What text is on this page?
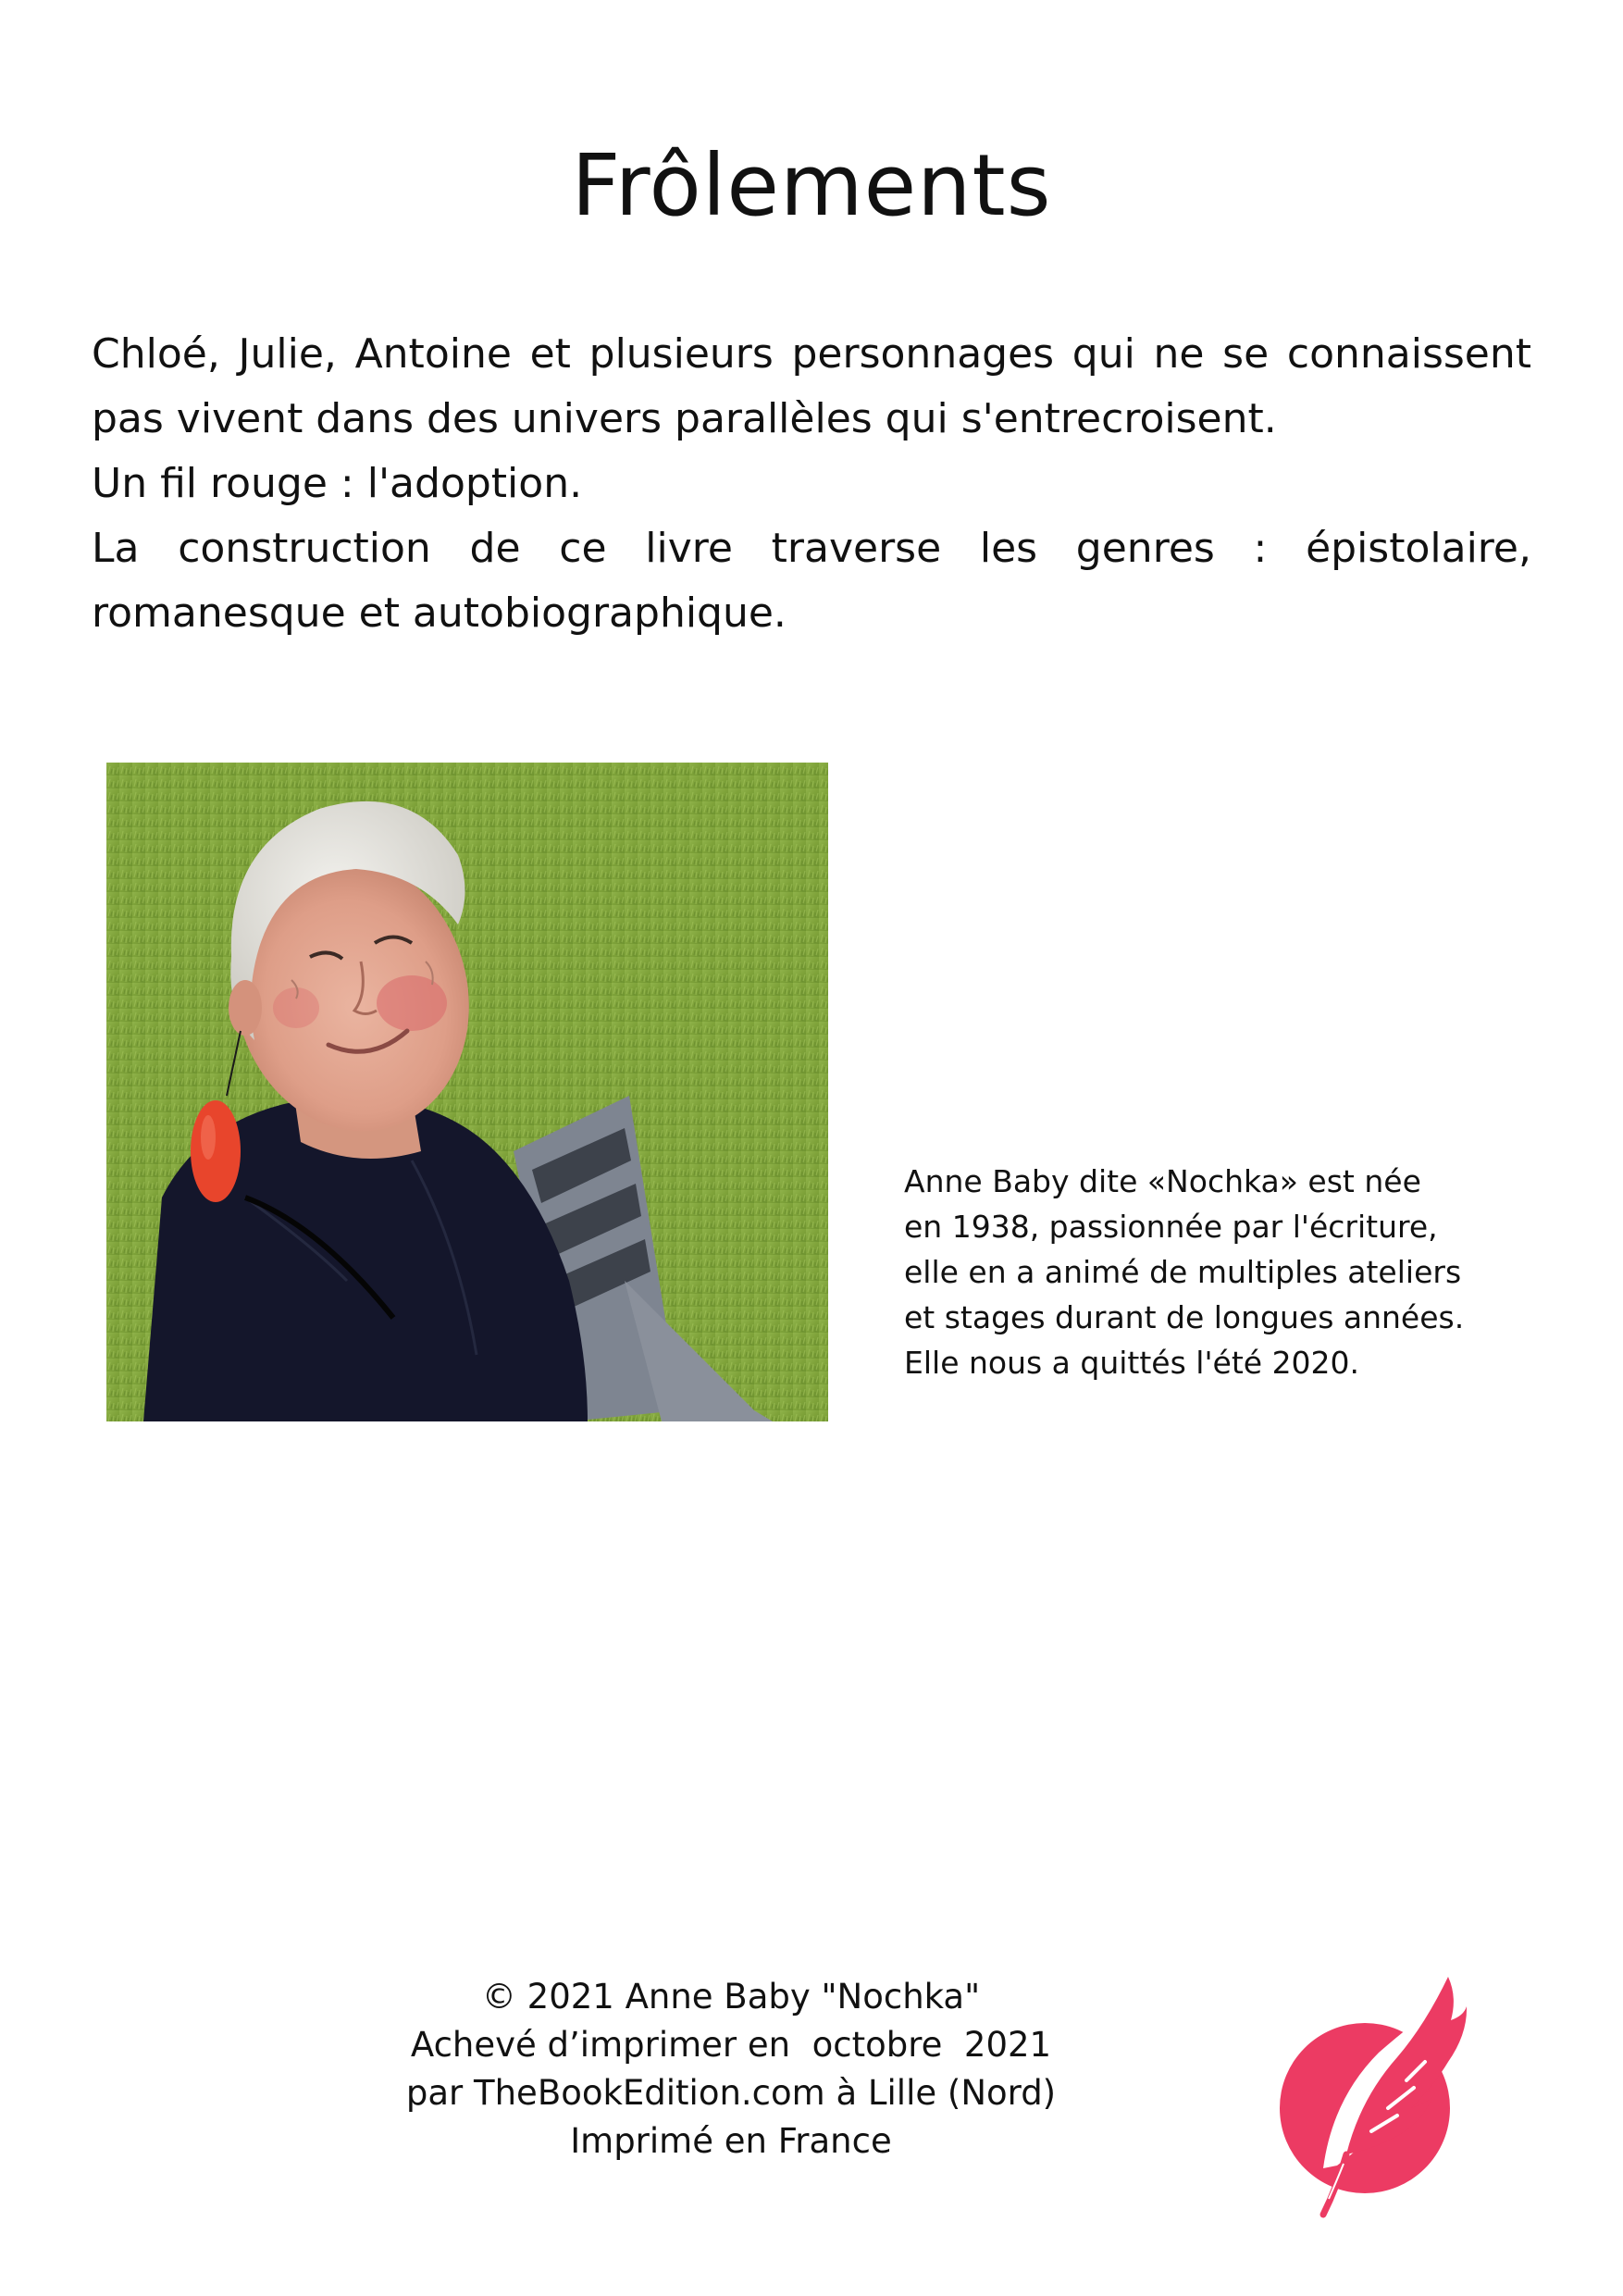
Frôlements

Chloé, Julie, Antoine et plusieurs personnages qui ne se connaissent pas vivent dans des univers parallèles qui s'entrecroisent.

Un fil rouge : l'adoption.

La construction de ce livre traverse les genres : épistolaire, romanesque et autobiographique.

Anne Baby dite «Nochka» est née
en 1938, passionnée par l'écriture,
elle en a animé de multiples ateliers
et stages durant de longues années.
Elle nous a quittés l'été 2020.
© 2021 Anne Baby "Nochka"
Achevé d’imprimer en  octobre  2021
par TheBookEdition.com à Lille (Nord)
Imprimé en France
